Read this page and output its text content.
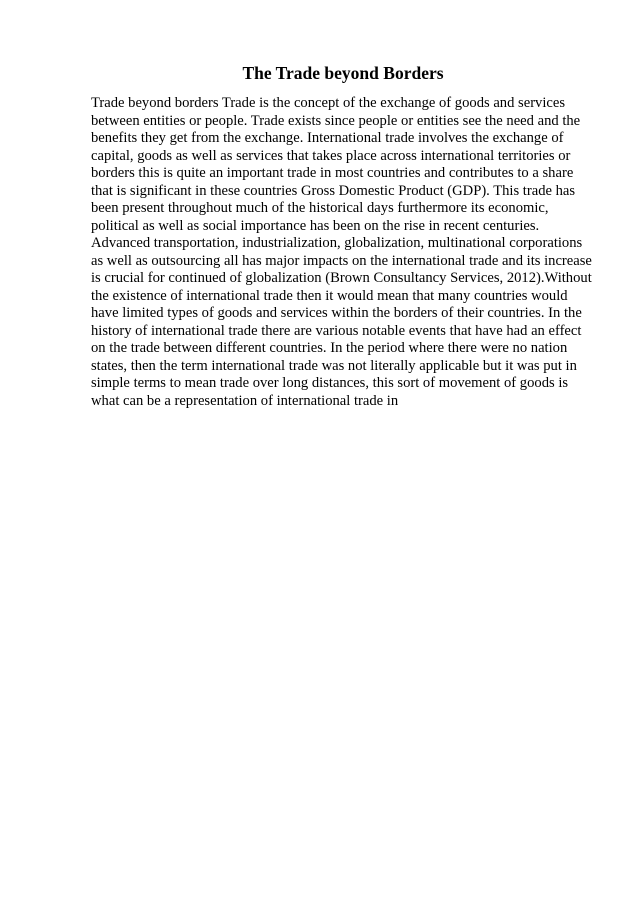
The Trade beyond Borders
Trade beyond borders Trade is the concept of the exchange of goods and services
between entities or people. Trade exists since people or entities see the need and the
benefits they get from the exchange. International trade involves the exchange of
capital, goods as well as services that takes place across international territories or
borders this is quite an important trade in most countries and contributes to a share
that is significant in these countries Gross Domestic Product (GDP). This trade has
been present throughout much of the historical days furthermore its economic,
political as well as social importance has been on the rise in recent centuries.
Advanced transportation, industrialization, globalization, multinational corporations
as well as outsourcing all has major impacts on the international trade and its increase
is crucial for continued of globalization (Brown Consultancy Services, 2012).Without
the existence of international trade then it would mean that many countries would
have limited types of goods and services within the borders of their countries. In the
history of international trade there are various notable events that have had an effect
on the trade between different countries. In the period where there were no nation
states, then the term international trade was not literally applicable but it was put in
simple terms to mean trade over long distances, this sort of movement of goods is
what can be a representation of international trade in
